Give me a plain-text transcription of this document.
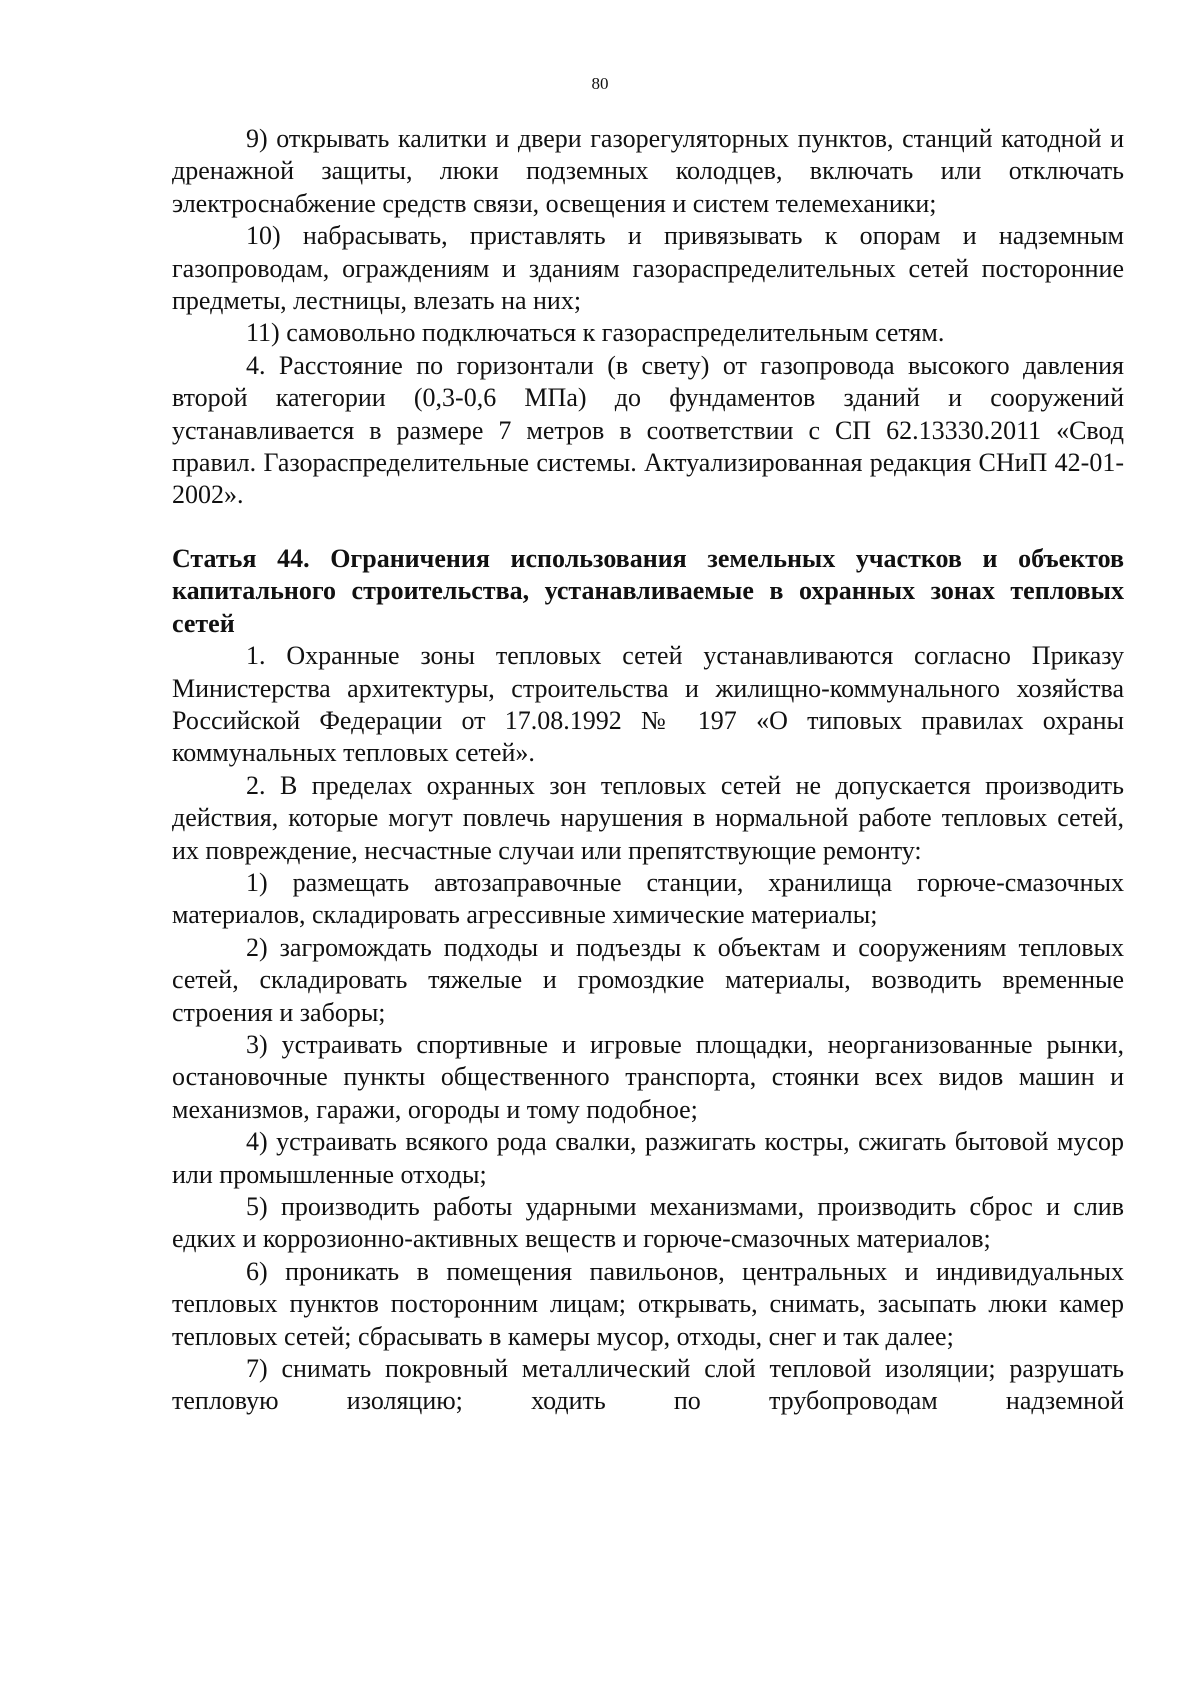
80

9) открывать калитки и двери газорегуляторных пунктов, станций катодной и дренажной защиты, люки подземных колодцев, включать или отключать электроснабжение средств связи, освещения и систем телемеханики;

10) набрасывать, приставлять и привязывать к опорам и надземным газопроводам, ограждениям и зданиям газораспределительных сетей посторонние предметы, лестницы, влезать на них;

11) самовольно подключаться к газораспределительным сетям.

4. Расстояние по горизонтали (в свету) от газопровода высокого давления второй категории (0,3-0,6 МПа) до фундаментов зданий и сооружений устанавливается в размере 7 метров в соответствии с СП 62.13330.2011 «Свод правил. Газораспределительные системы. Актуализированная редакция СНиП 42-01-2002».

Статья 44. Ограничения использования земельных участков и объектов капитального строительства, устанавливаемые в охранных зонах тепловых сетей

1. Охранные зоны тепловых сетей устанавливаются согласно Приказу Министерства архитектуры, строительства и жилищно-коммунального хозяйства Российской Федерации от 17.08.1992 № 197 «О типовых правилах охраны коммунальных тепловых сетей».

2. В пределах охранных зон тепловых сетей не допускается производить действия, которые могут повлечь нарушения в нормальной работе тепловых сетей, их повреждение, несчастные случаи или препятствующие ремонту:

1) размещать автозаправочные станции, хранилища горюче-смазочных материалов, складировать агрессивные химические материалы;

2) загромождать подходы и подъезды к объектам и сооружениям тепловых сетей, складировать тяжелые и громоздкие материалы, возводить временные строения и заборы;

3) устраивать спортивные и игровые площадки, неорганизованные рынки, остановочные пункты общественного транспорта, стоянки всех видов машин и механизмов, гаражи, огороды и тому подобное;

4) устраивать всякого рода свалки, разжигать костры, сжигать бытовой мусор или промышленные отходы;

5) производить работы ударными механизмами, производить сброс и слив едких и коррозионно-активных веществ и горюче-смазочных материалов;

6) проникать в помещения павильонов, центральных и индивидуальных тепловых пунктов посторонним лицам; открывать, снимать, засыпать люки камер тепловых сетей; сбрасывать в камеры мусор, отходы, снег и так далее;

7) снимать покровный металлический слой тепловой изоляции; разрушать тепловую изоляцию; ходить по трубопроводам надземной
